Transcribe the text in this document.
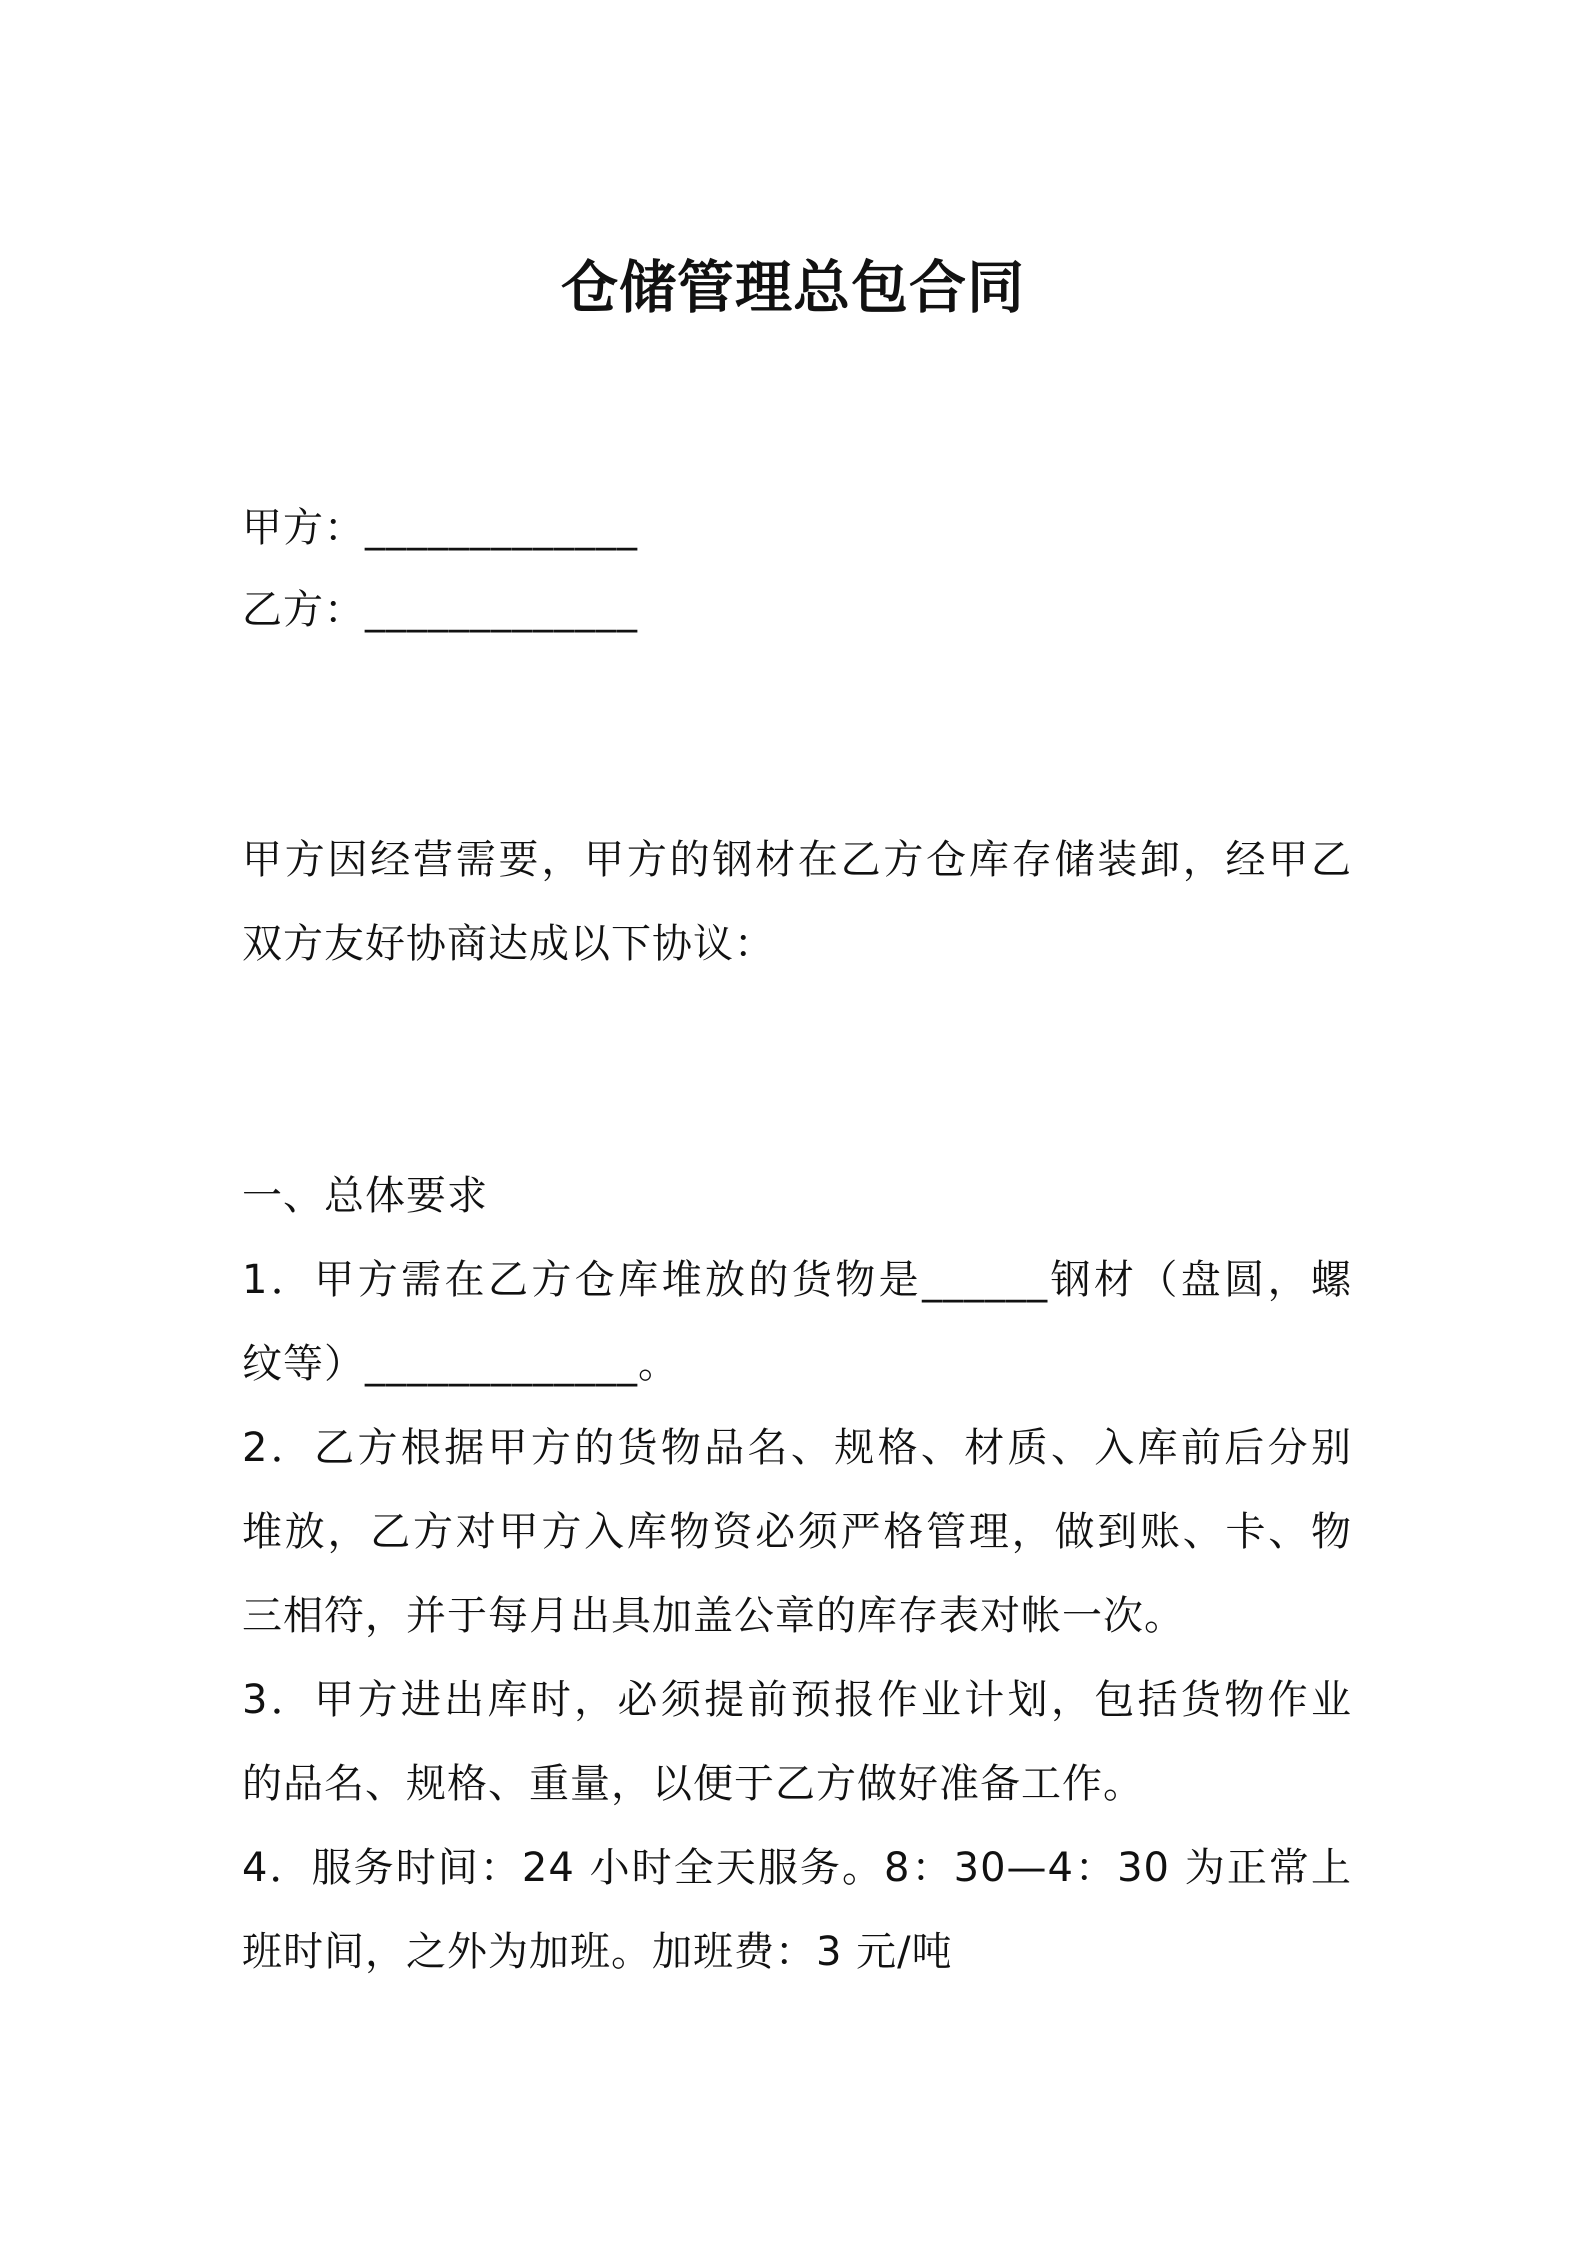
仓储管理总包合同
甲方：_____________
乙方：_____________
甲方因经营需要，甲方的钢材在乙方仓库存储装卸，经甲乙
双方友好协商达成以下协议：
一、总体要求
1．甲方需在乙方仓库堆放的货物是______钢材（盘圆，螺
纹等）_____________。
2．乙方根据甲方的货物品名、规格、材质、入库前后分别
堆放，乙方对甲方入库物资必须严格管理，做到账、卡、物
三相符，并于每月出具加盖公章的库存表对帐一次。
3．甲方进出库时，必须提前预报作业计划，包括货物作业
的品名、规格、重量，以便于乙方做好准备工作。
4．服务时间：24 小时全天服务。8：30—4：30 为正常上
班时间，之外为加班。加班费：3 元/吨
